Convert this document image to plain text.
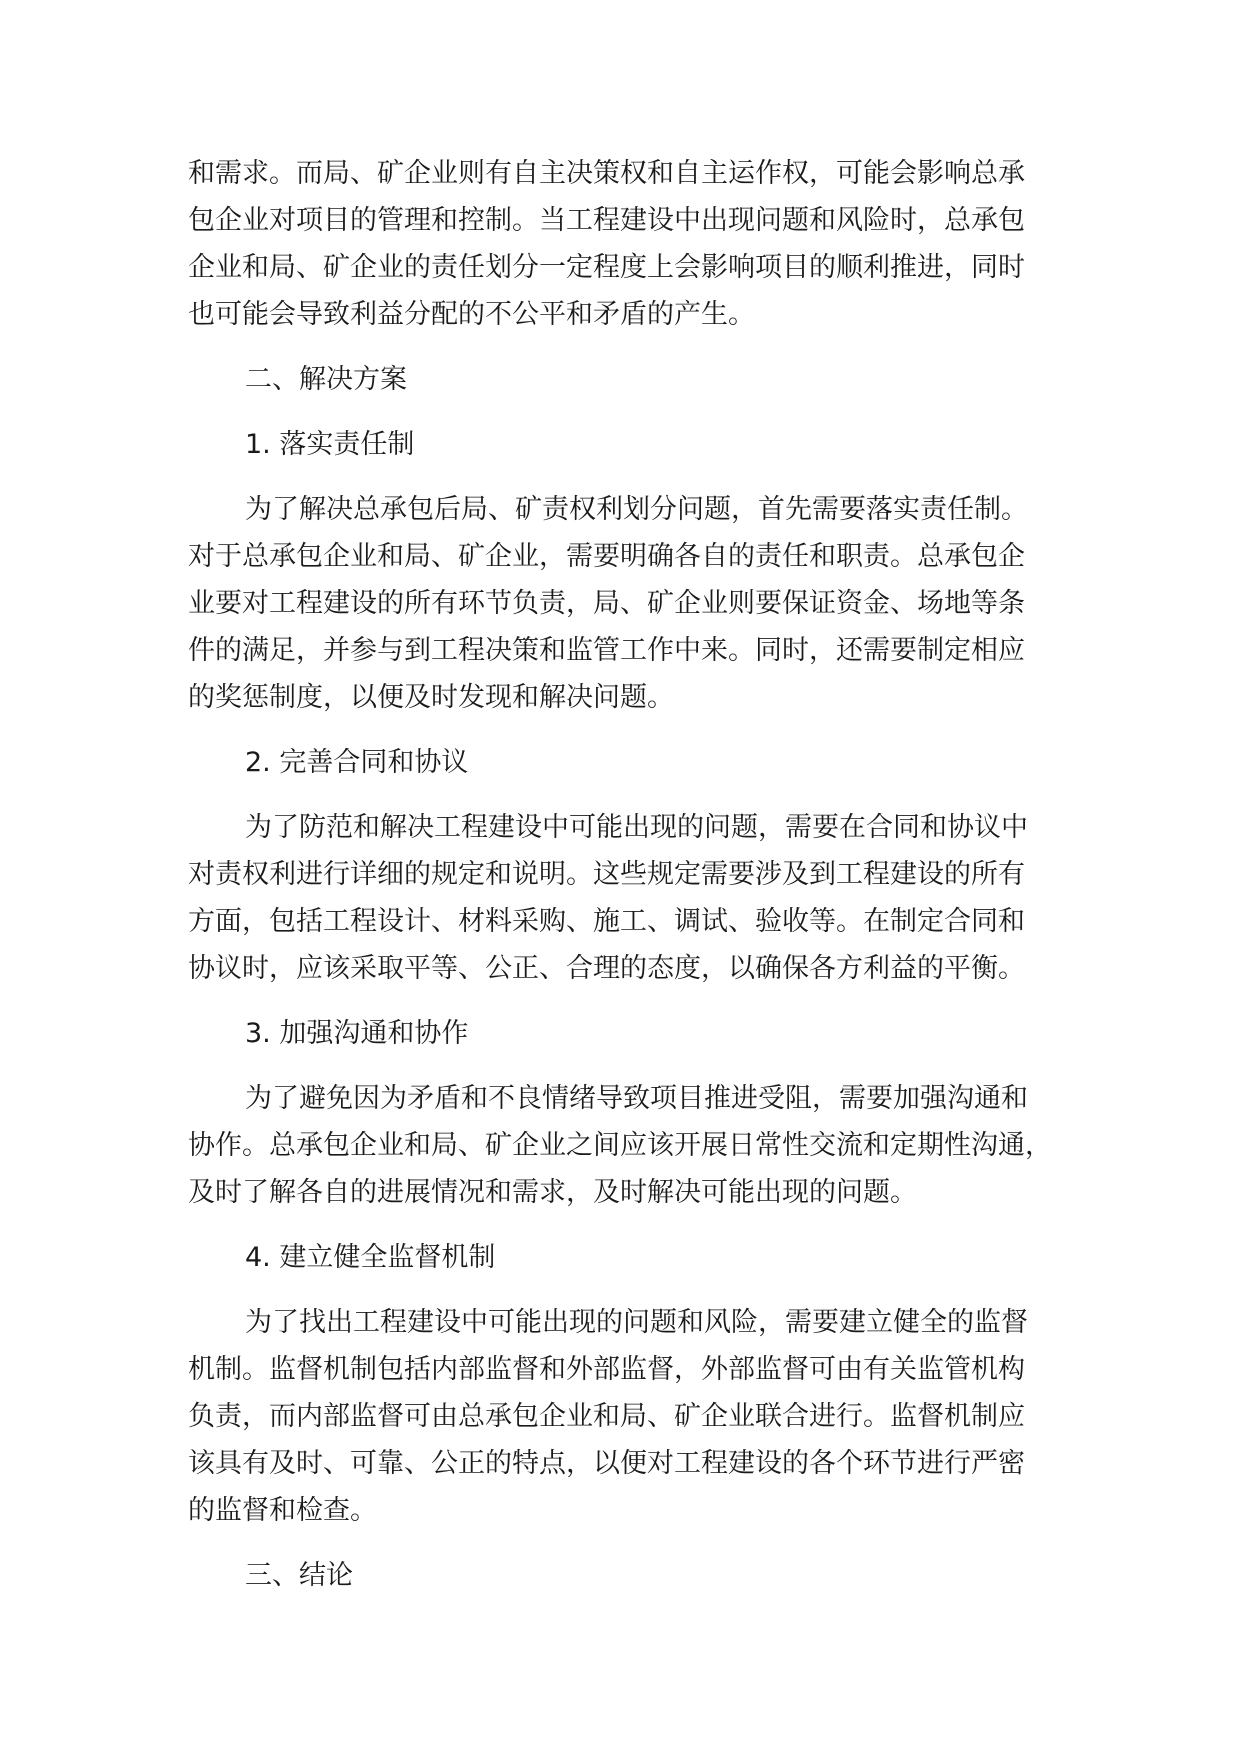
和需求。而局、矿企业则有自主决策权和自主运作权，可能会影响总承
包企业对项目的管理和控制。当工程建设中出现问题和风险时，总承包
企业和局、矿企业的责任划分一定程度上会影响项目的顺利推进，同时
也可能会导致利益分配的不公平和矛盾的产生。
二、解决方案
1. 落实责任制
为了解决总承包后局、矿责权利划分问题，首先需要落实责任制。
对于总承包企业和局、矿企业，需要明确各自的责任和职责。总承包企
业要对工程建设的所有环节负责，局、矿企业则要保证资金、场地等条
件的满足，并参与到工程决策和监管工作中来。同时，还需要制定相应
的奖惩制度，以便及时发现和解决问题。
2. 完善合同和协议
为了防范和解决工程建设中可能出现的问题，需要在合同和协议中
对责权利进行详细的规定和说明。这些规定需要涉及到工程建设的所有
方面，包括工程设计、材料采购、施工、调试、验收等。在制定合同和
协议时，应该采取平等、公正、合理的态度，以确保各方利益的平衡。
3. 加强沟通和协作
为了避免因为矛盾和不良情绪导致项目推进受阻，需要加强沟通和
协作。总承包企业和局、矿企业之间应该开展日常性交流和定期性沟通，
及时了解各自的进展情况和需求，及时解决可能出现的问题。
4. 建立健全监督机制
为了找出工程建设中可能出现的问题和风险，需要建立健全的监督
机制。监督机制包括内部监督和外部监督，外部监督可由有关监管机构
负责，而内部监督可由总承包企业和局、矿企业联合进行。监督机制应
该具有及时、可靠、公正的特点，以便对工程建设的各个环节进行严密
的监督和检查。
三、结论
